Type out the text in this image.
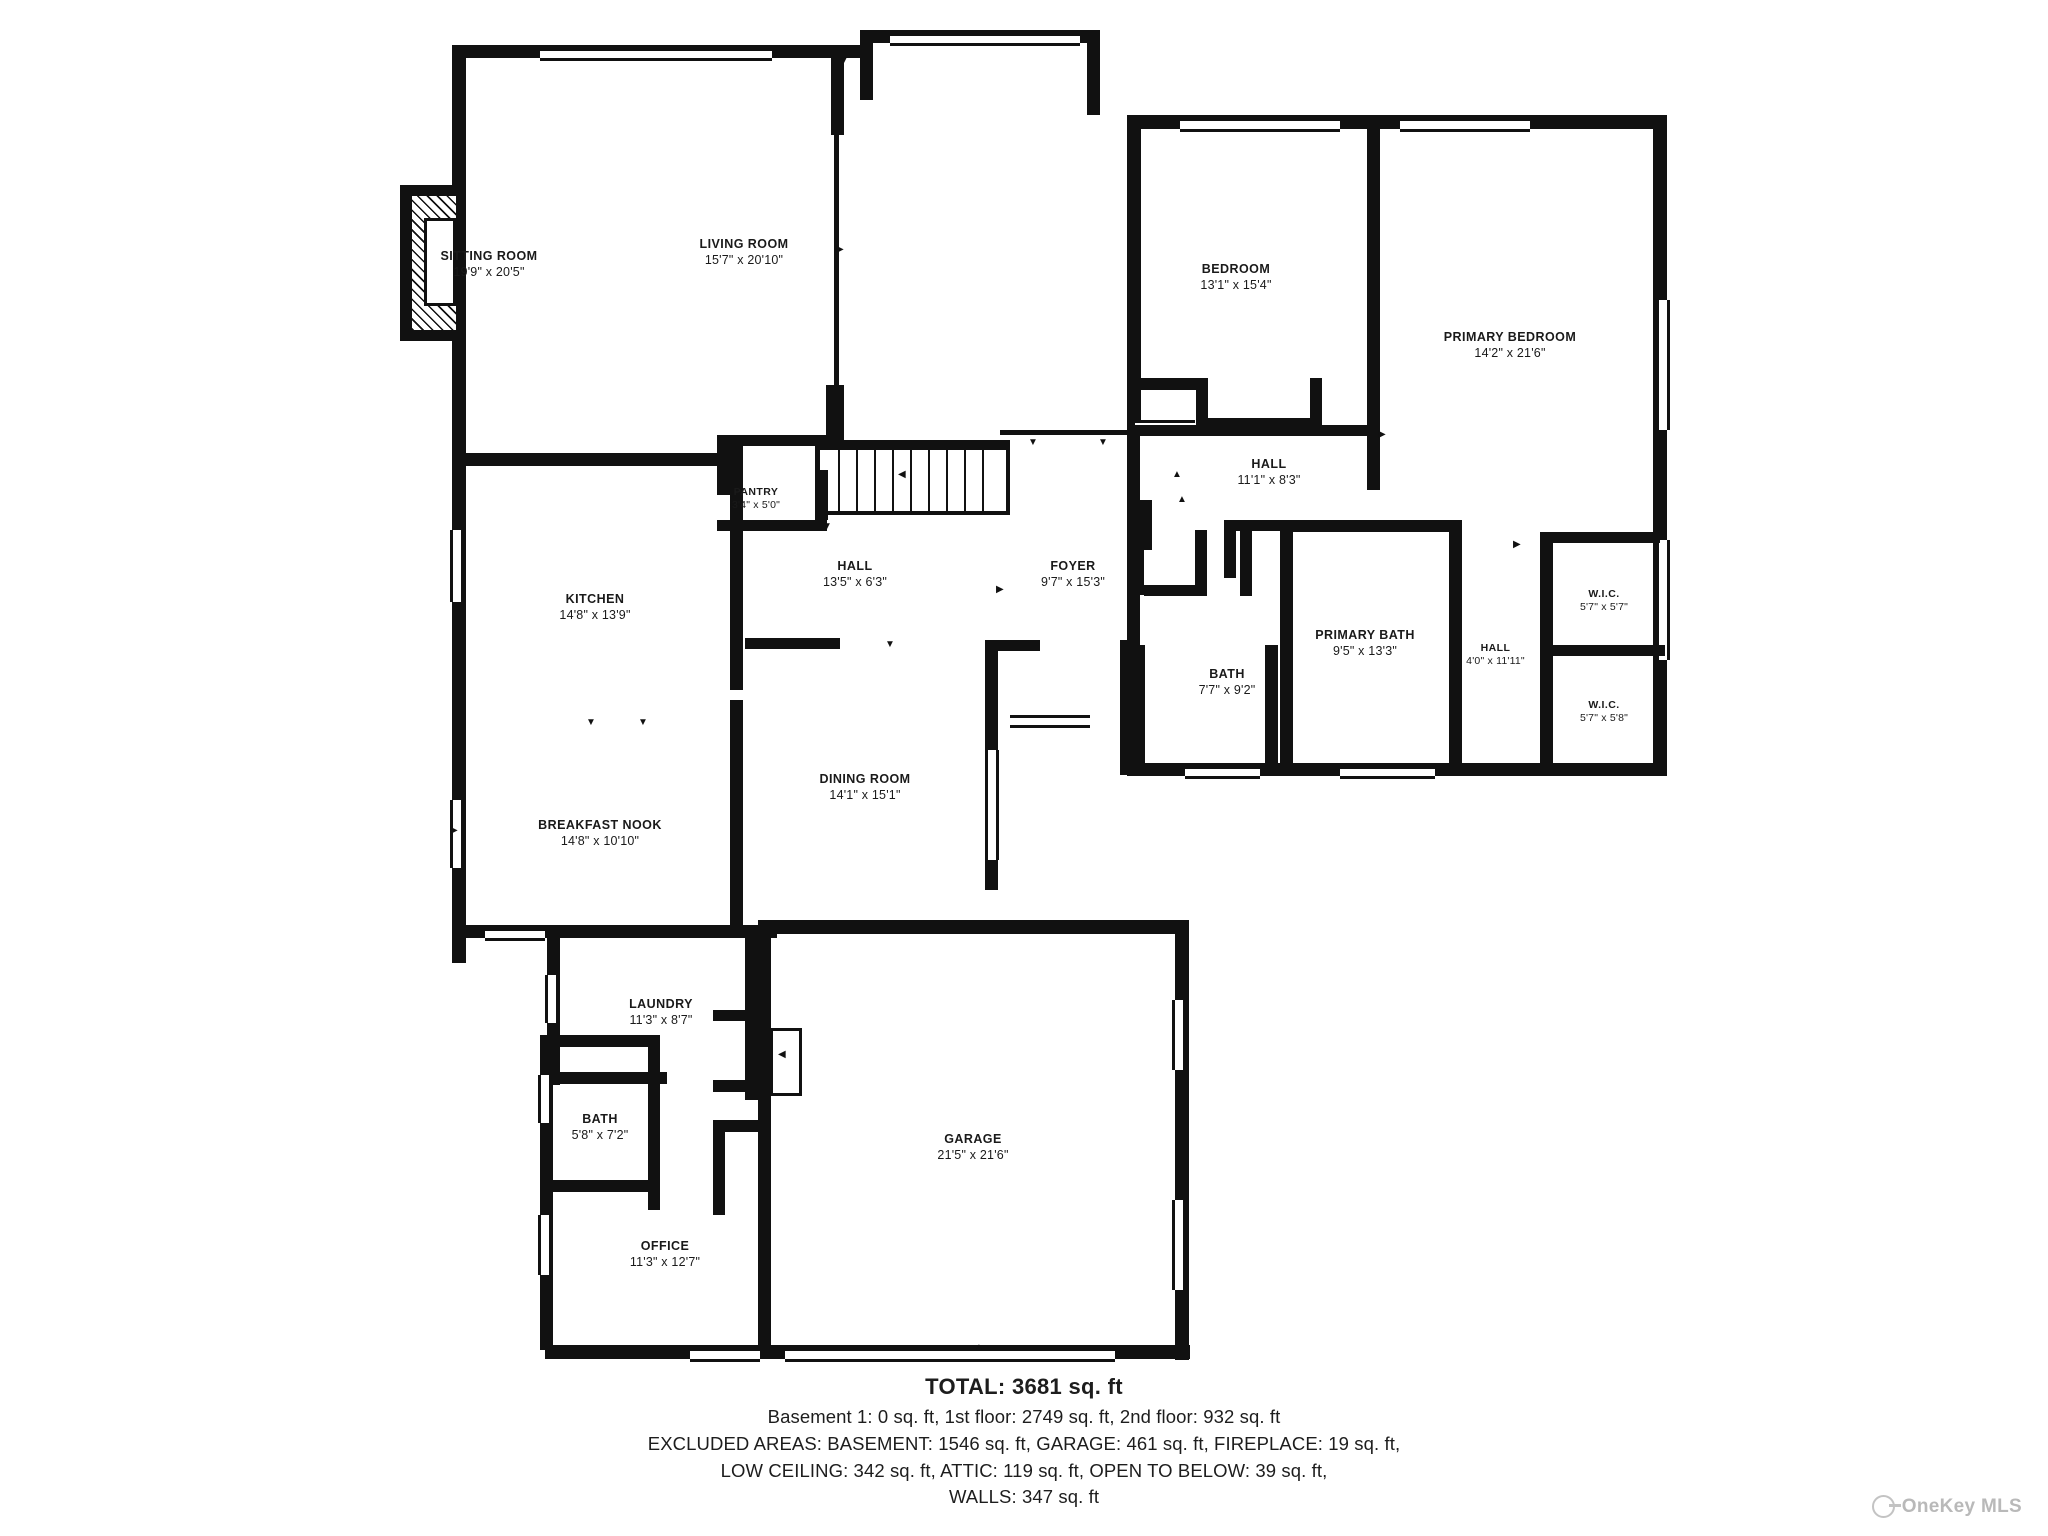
◀
▼
◀
▶
▼	▼
▲
▲
▶
▶
▶
▼
▼	▼
▶
▲
▼
SITTING ROOM
19'9" x 20'5"
LIVING ROOM
15'7" x 20'10"
BEDROOM
13'1" x 15'4"
PRIMARY BEDROOM
14'2" x 21'6"
PANTRY
3'4" x 5'0"
HALL
11'1" x 8'3"
HALL
13'5" x 6'3"
FOYER
9'7" x 15'3"
KITCHEN
14'8" x 13'9"
PRIMARY BATH
9'5" x 13'3"
W.I.C.
5'7" x 5'7"
HALL
4'0" x 11'11"
BATH
7'7" x 9'2"
W.I.C.
5'7" x 5'8"
DINING ROOM
14'1" x 15'1"
BREAKFAST NOOK
14'8" x 10'10"
LAUNDRY
11'3" x 8'7"
BATH
5'8" x 7'2"	GARAGE
21'5" x 21'6"
OFFICE
11'3" x 12'7"
TOTAL: 3681 sq. ft
Basement 1: 0 sq. ft, 1st floor: 2749 sq. ft, 2nd floor: 932 sq. ft
EXCLUDED AREAS: BASEMENT: 1546 sq. ft, GARAGE: 461 sq. ft, FIREPLACE: 19 sq. ft,
LOW CEILING: 342 sq. ft, ATTIC: 119 sq. ft, OPEN TO BELOW: 39 sq. ft,
WALLS: 347 sq. ft	OneKey MLS
